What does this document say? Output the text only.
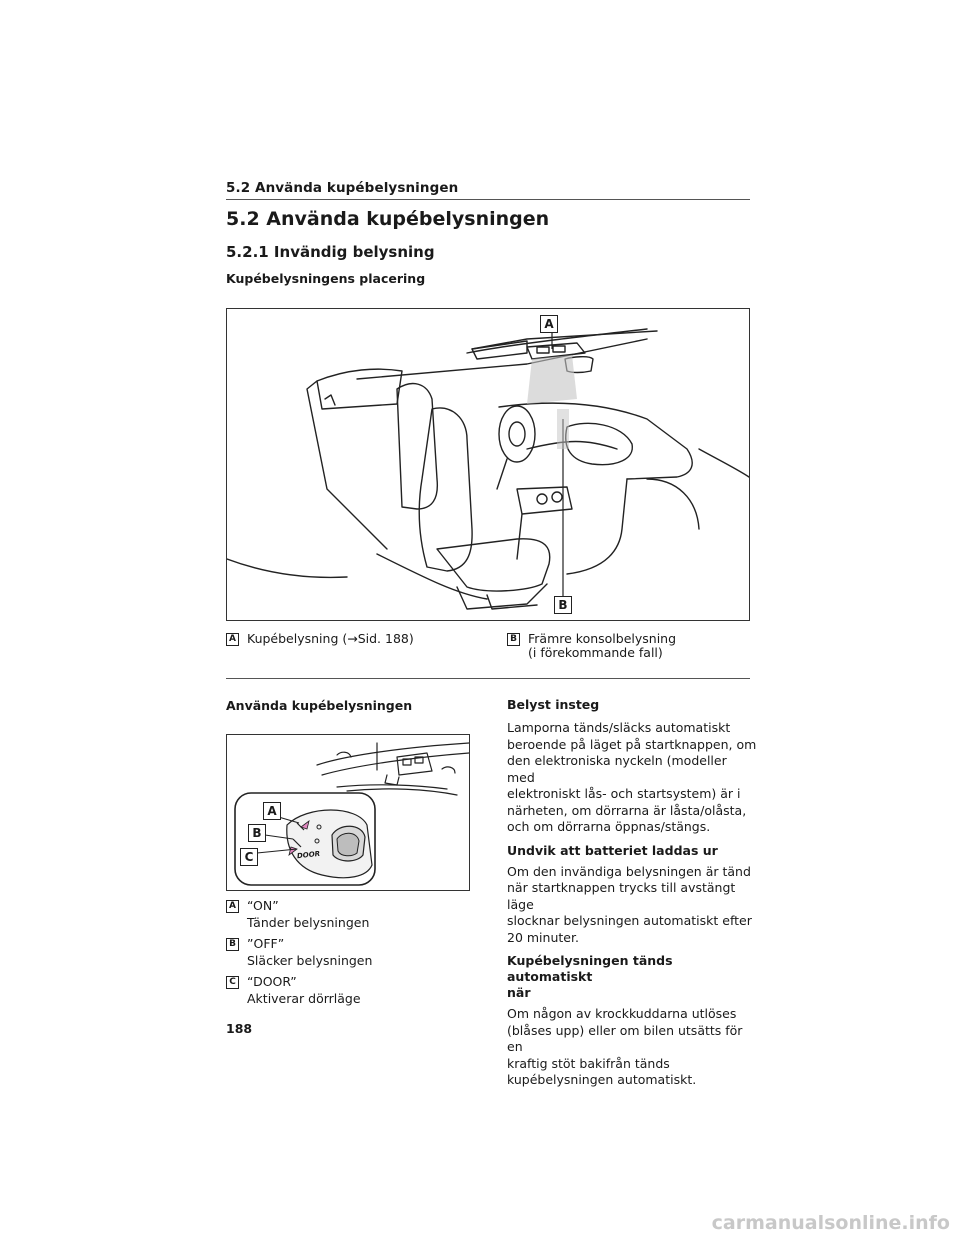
5.2 Använda kupébelysningen
5.2 Använda kupébelysningen
5.2.1 Invändig belysning
Kupébelysningens placering
A
B
A Kupébelysning (→Sid. 188)	B Främre konsolbelysning
(i förekommande fall)
Använda kupébelysningen
A
B
C	DOOR
A “ON”
Tänder belysningen
B ”OFF”
Släcker belysningen
C “DOOR”
Aktiverar dörrläge
Belyst insteg
Lamporna tänds/släcks automatiskt
beroende på läget på startknappen, om
den elektroniska nyckeln (modeller med
elektroniskt lås- och startsystem) är i
närheten, om dörrarna är låsta/olåsta,
och om dörrarna öppnas/stängs.
Undvik att batteriet laddas ur
Om den invändiga belysningen är tänd
när startknappen trycks till avstängt läge
slocknar belysningen automatiskt efter
20 minuter.
Kupébelysningen tänds automatiskt
när
Om någon av krockkuddarna utlöses
(blåses upp) eller om bilen utsätts för en
kraftig stöt bakifrån tänds
kupébelysningen automatiskt.
188
carmanualsonline.info
